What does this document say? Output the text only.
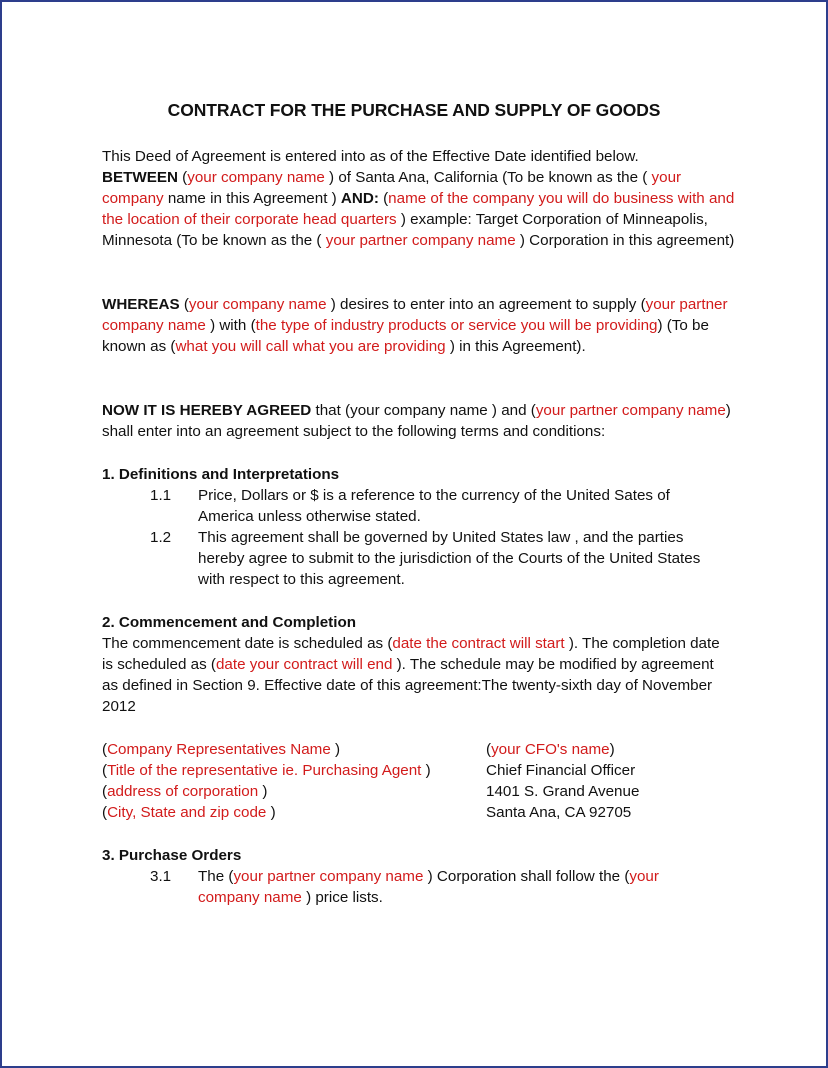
CONTRACT FOR THE PURCHASE AND SUPPLY OF GOODS
This Deed of Agreement is entered into as of the Effective Date identified below.
BETWEEN (your company name ) of Santa Ana, California (To be known as the ( your company name in this Agreement ) AND: (name of the company you will do business with and the location of their corporate head quarters ) example: Target Corporation of Minneapolis, Minnesota (To be known as the ( your partner company name ) Corporation in this agreement)
WHEREAS (your company name ) desires to enter into an agreement to supply (your partner company name ) with (the type of industry products or service you will be providing) (To be known as (what you will call what you are providing ) in this Agreement).
NOW IT IS HEREBY AGREED that (your company name ) and (your partner company name) shall enter into an agreement subject to the following terms and conditions:
1. Definitions and Interpretations
1.1 Price, Dollars or $ is a reference to the currency of the United Sates of America unless otherwise stated.
1.2 This agreement shall be governed by United States law , and the parties hereby agree to submit to the jurisdiction of the Courts of the United States with respect to this agreement.
2. Commencement and Completion
The commencement date is scheduled as (date the contract will start ). The completion date is scheduled as (date your contract will end ). The schedule may be modified by agreement as defined in Section 9. Effective date of this agreement:The twenty-sixth day of November 2012
(Company Representatives Name )
(Title of the representative ie. Purchasing Agent )
(address of corporation )
(City, State and zip code )
(your CFO's name)
Chief Financial Officer
1401 S. Grand Avenue
Santa Ana, CA 92705
3. Purchase Orders
3.1 The (your partner company name ) Corporation shall follow the (your company name ) price lists.
